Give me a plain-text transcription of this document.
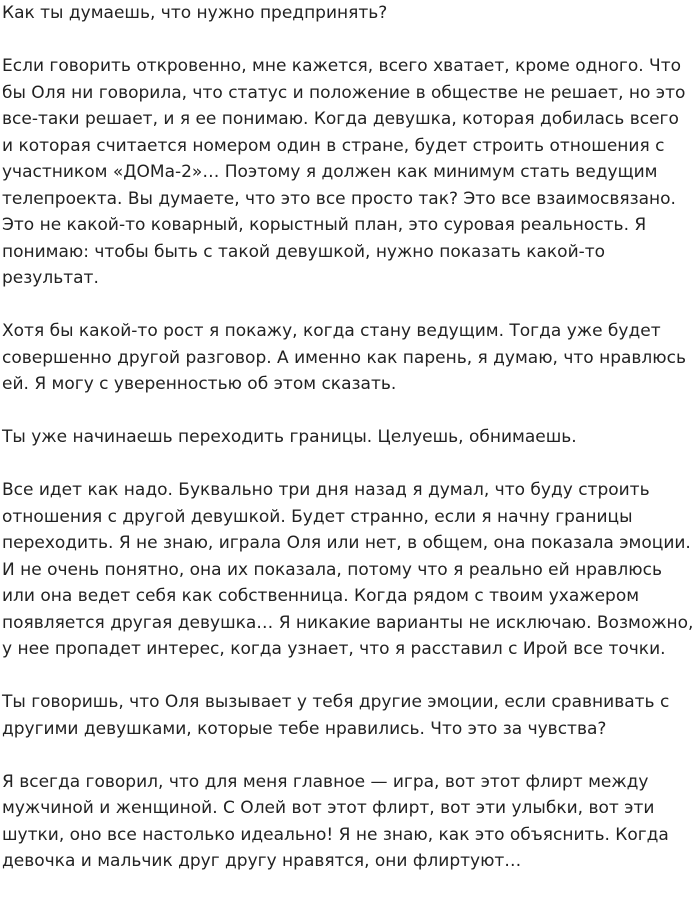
Как ты думаешь, что нужно предпринять?

Если говорить откровенно, мне кажется, всего хватает, кроме одного. Что бы Оля ни говорила, что статус и положение в обществе не решает, но это все-таки решает, и я ее понимаю. Когда девушка, которая добилась всего и которая считается номером один в стране, будет строить отношения с участником «ДОМа-2»… Поэтому я должен как минимум стать ведущим телепроекта. Вы думаете, что это все просто так? Это все взаимосвязано.

Это не какой-то коварный, корыстный план, это суровая реальность. Я понимаю: чтобы быть с такой девушкой, нужно показать какой-то результат.

Хотя бы какой-то рост я покажу, когда стану ведущим. Тогда уже будет совершенно другой разговор. А именно как парень, я думаю, что нравлюсь ей. Я могу с уверенностью об этом сказать.

Ты уже начинаешь переходить границы. Целуешь, обнимаешь.

Все идет как надо. Буквально три дня назад я думал, что буду строить отношения с другой девушкой. Будет странно, если я начну границы переходить. Я не знаю, играла Оля или нет, в общем, она показала эмоции. И не очень понятно, она их показала, потому что я реально ей нравлюсь или она ведет себя как собственница. Когда рядом с твоим ухажером появляется другая девушка… Я никакие варианты не исключаю. Возможно, у нее пропадет интерес, когда узнает, что я расставил с Ирой все точки.

Ты говоришь, что Оля вызывает у тебя другие эмоции, если сравнивать с другими девушками, которые тебе нравились. Что это за чувства?

Я всегда говорил, что для меня главное — игра, вот этот флирт между мужчиной и женщиной. С Олей вот этот флирт, вот эти улыбки, вот эти шутки, оно все настолько идеально! Я не знаю, как это объяснить. Когда девочка и мальчик друг другу нравятся, они флиртуют…
